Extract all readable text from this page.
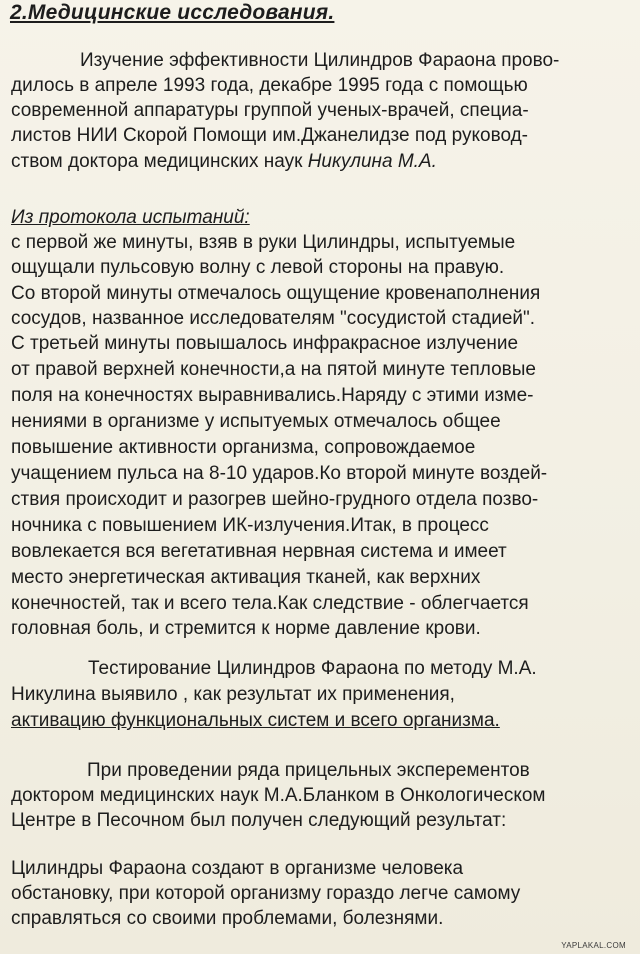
2.Медицинские исследования.
Изучение эффективности Цилиндров Фараона прово-
дилось в апреле 1993 года, декабре 1995 года с помощью
современной аппаратуры группой ученых-врачей, специа-
листов НИИ Скорой Помощи им.Джанелидзе под руковод-
ством доктора медицинских наук Никулина М.А.
Из протокола испытаний:
с первой же минуты, взяв в руки Цилиндры, испытуемые
ощущали пульсовую волну с левой стороны на правую.
Со второй минуты отмечалось ощущение кровенаполнения
сосудов, названное исследователям "сосудистой стадией".
С третьей минуты повышалось инфракрасное излучение
от правой верхней конечности,а на пятой минуте тепловые
поля на конечностях выравнивались.Наряду с этими изме-
нениями в организме у испытуемых отмечалось общее
повышение активности организма, сопровождаемое
учащением пульса на 8-10 ударов.Ко второй минуте воздей-
ствия происходит и разогрев шейно-грудного отдела позво-
ночника с повышением ИК-излучения.Итак, в процесс
вовлекается вся вегетативная нервная система и имеет
место энергетическая активация тканей, как верхних
конечностей, так и всего тела.Как следствие - облегчается
головная боль, и стремится к норме давление крови.
Тестирование Цилиндров Фараона по методу М.А.
Никулина выявило , как результат их применения,
активацию функциональных систем и всего организма.
При проведении ряда прицельных эксперементов
доктором медицинских наук М.А.Бланком в Онкологическом
Центре в Песочном был получен следующий результат:
Цилиндры Фараона создают в организме человека
обстановку, при которой организму гораздо легче самому
справляться со своими проблемами, болезнями.
YAPLAKAL.COM
